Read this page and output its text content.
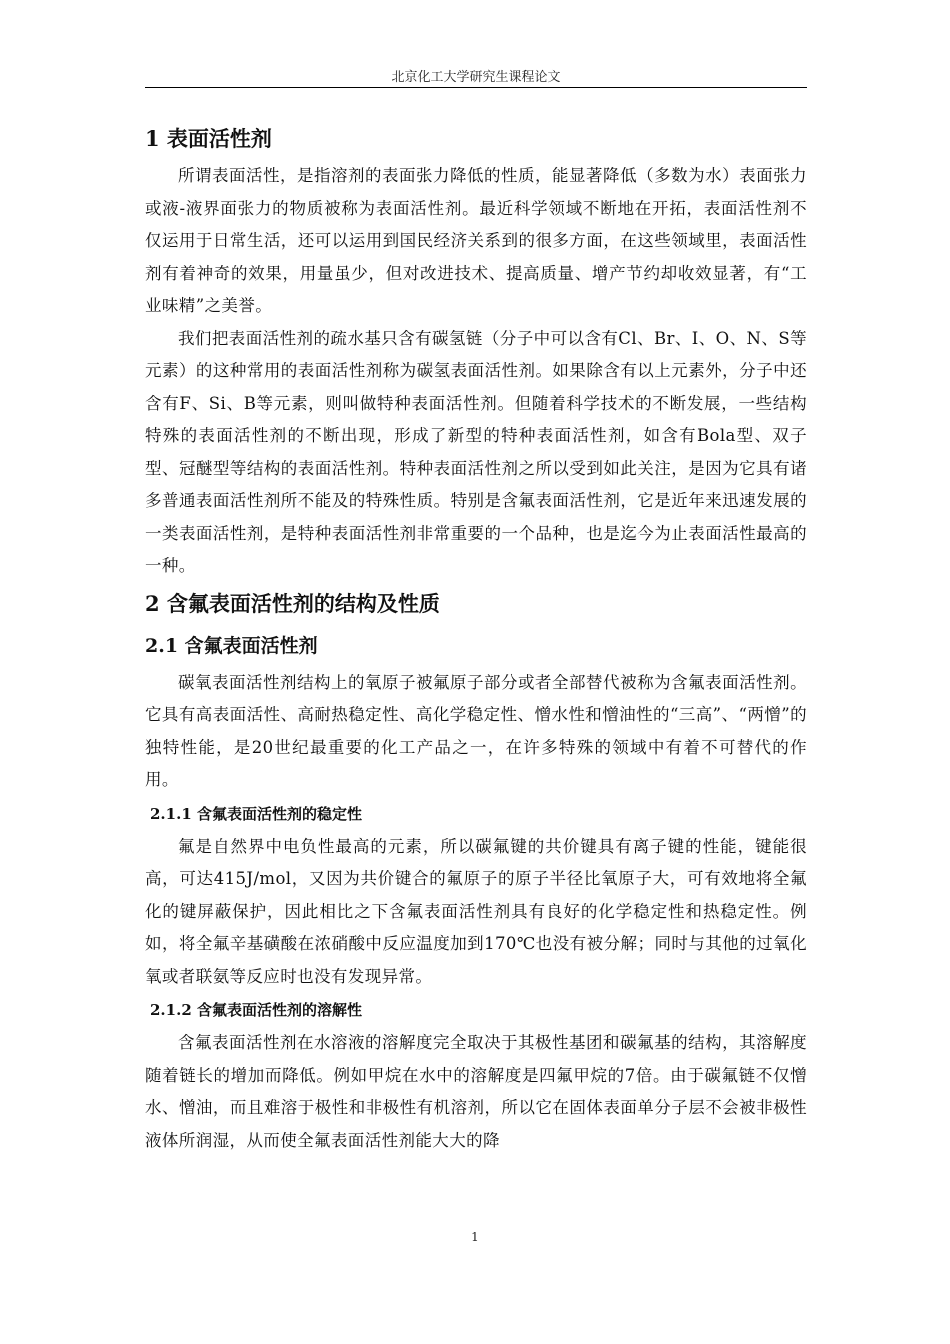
北京化工大学研究生课程论文
1 表面活性剂

所谓表面活性，是指溶剂的表面张力降低的性质，能显著降低（多数为水）表面张力或液-液界面张力的物质被称为表面活性剂。最近科学领域不断地在开拓，表面活性剂不仅运用于日常生活，还可以运用到国民经济关系到的很多方面，在这些领域里，表面活性剂有着神奇的效果，用量虽少，但对改进技术、提高质量、增产节约却收效显著，有“工业味精”之美誉。

我们把表面活性剂的疏水基只含有碳氢链（分子中可以含有Cl、Br、I、O、N、S等元素）的这种常用的表面活性剂称为碳氢表面活性剂。如果除含有以上元素外，分子中还含有F、Si、B等元素，则叫做特种表面活性剂。但随着科学技术的不断发展，一些结构特殊的表面活性剂的不断出现，形成了新型的特种表面活性剂，如含有Bola型、双子型、冠醚型等结构的表面活性剂。特种表面活性剂之所以受到如此关注，是因为它具有诸多普通表面活性剂所不能及的特殊性质。特别是含氟表面活性剂，它是近年来迅速发展的一类表面活性剂，是特种表面活性剂非常重要的一个品种，也是迄今为止表面活性最高的一种。

2 含氟表面活性剂的结构及性质
2.1 含氟表面活性剂

碳氧表面活性剂结构上的氧原子被氟原子部分或者全部替代被称为含氟表面活性剂。它具有高表面活性、高耐热稳定性、高化学稳定性、憎水性和憎油性的“三高”、“两憎”的独特性能，是20世纪最重要的化工产品之一，在许多特殊的领域中有着不可替代的作用。

2.1.1 含氟表面活性剂的稳定性

氟是自然界中电负性最高的元素，所以碳氟键的共价键具有离子键的性能，键能很高，可达415J/mol，又因为共价键合的氟原子的原子半径比氧原子大，可有效地将全氟化的键屏蔽保护，因此相比之下含氟表面活性剂具有良好的化学稳定性和热稳定性。例如，将全氟辛基磺酸在浓硝酸中反应温度加到170℃也没有被分解；同时与其他的过氧化氧或者联氨等反应时也没有发现异常。

2.1.2 含氟表面活性剂的溶解性

含氟表面活性剂在水溶液的溶解度完全取决于其极性基团和碳氟基的结构，其溶解度随着链长的增加而降低。例如甲烷在水中的溶解度是四氟甲烷的7倍。由于碳氟链不仅憎水、憎油，而且难溶于极性和非极性有机溶剂，所以它在固体表面单分子层不会被非极性液体所润湿，从而使全氟表面活性剂能大大的降

1
